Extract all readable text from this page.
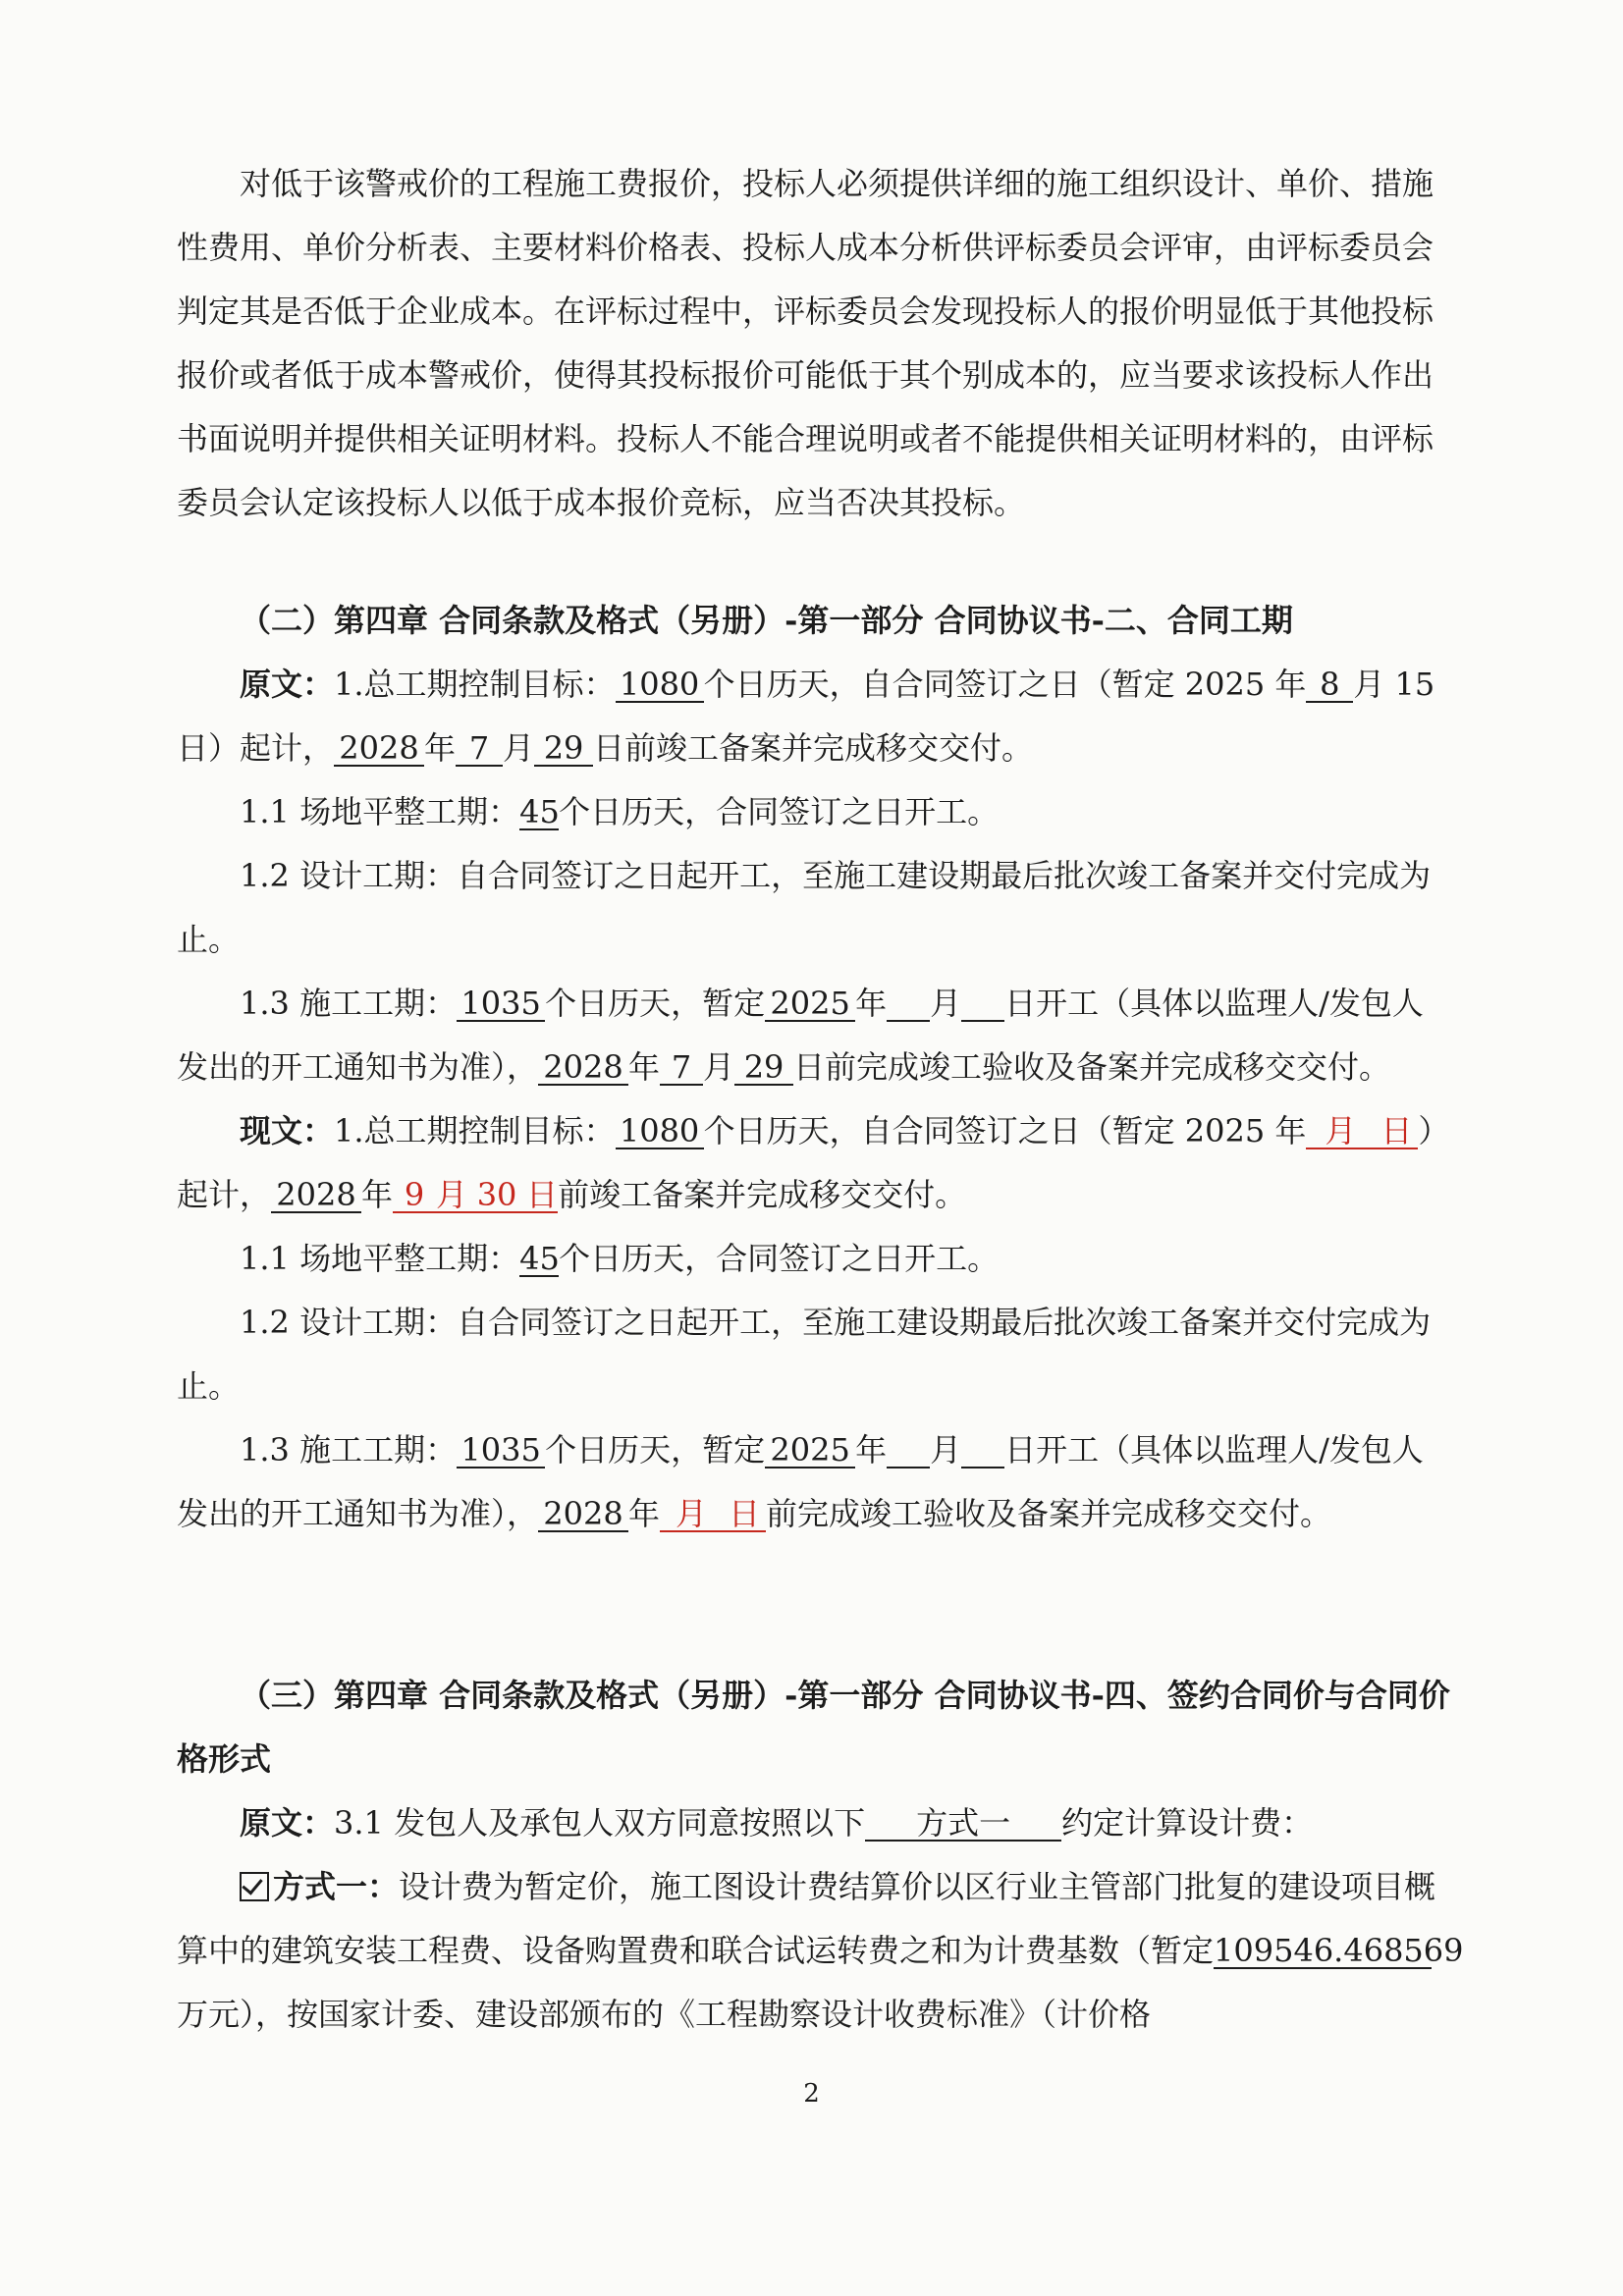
对低于该警戒价的工程施工费报价，投标人必须提供详细的施工组织设计、单价、措施性费用、单价分析表、主要材料价格表、投标人成本分析供评标委员会评审，由评标委员会判定其是否低于企业成本。在评标过程中，评标委员会发现投标人的报价明显低于其他投标报价或者低于成本警戒价，使得其投标报价可能低于其个别成本的，应当要求该投标人作出书面说明并提供相关证明材料。投标人不能合理说明或者不能提供相关证明材料的，由评标委员会认定该投标人以低于成本报价竞标，应当否决其投标。

（二）第四章 合同条款及格式（另册）-第一部分 合同协议书-二、合同工期

原文：1.总工期控制目标： 1080 个日历天，自合同签订之日（暂定 2025 年 8 月 15 日）起计， 2028 年 7 月 29 日前竣工备案并完成移交交付。

1.1 场地平整工期：45个日历天，合同签订之日开工。

1.2 设计工期：自合同签订之日起开工，至施工建设期最后批次竣工备案并交付完成为止。

1.3 施工工期： 1035 个日历天，暂定 2025 年 月 日开工（具体以监理人/发包人发出的开工通知书为准）， 2028 年 7 月 29 日前完成竣工验收及备案并完成移交交付。

现文：1.总工期控制目标： 1080 个日历天，自合同签订之日（暂定 2025 年 月 日 ）起计， 2028 年 9 月 30 日前竣工备案并完成移交交付。

1.1 场地平整工期：45个日历天，合同签订之日开工。

1.2 设计工期：自合同签订之日起开工，至施工建设期最后批次竣工备案并交付完成为止。

1.3 施工工期： 1035 个日历天，暂定 2025 年 月 日开工（具体以监理人/发包人发出的开工通知书为准）， 2028 年 月 日 前完成竣工验收及备案并完成移交交付。

（三）第四章 合同条款及格式（另册）-第一部分 合同协议书-四、签约合同价与合同价格形式

原文：3.1 发包人及承包人双方同意按照以下 方式一 约定计算设计费：

方式一：设计费为暂定价，施工图设计费结算价以区行业主管部门批复的建设项目概算中的建筑安装工程费、设备购置费和联合试运转费之和为计费基数（暂定109546.468569万元），按国家计委、建设部颁布的《工程勘察设计收费标准》（计价格

2
